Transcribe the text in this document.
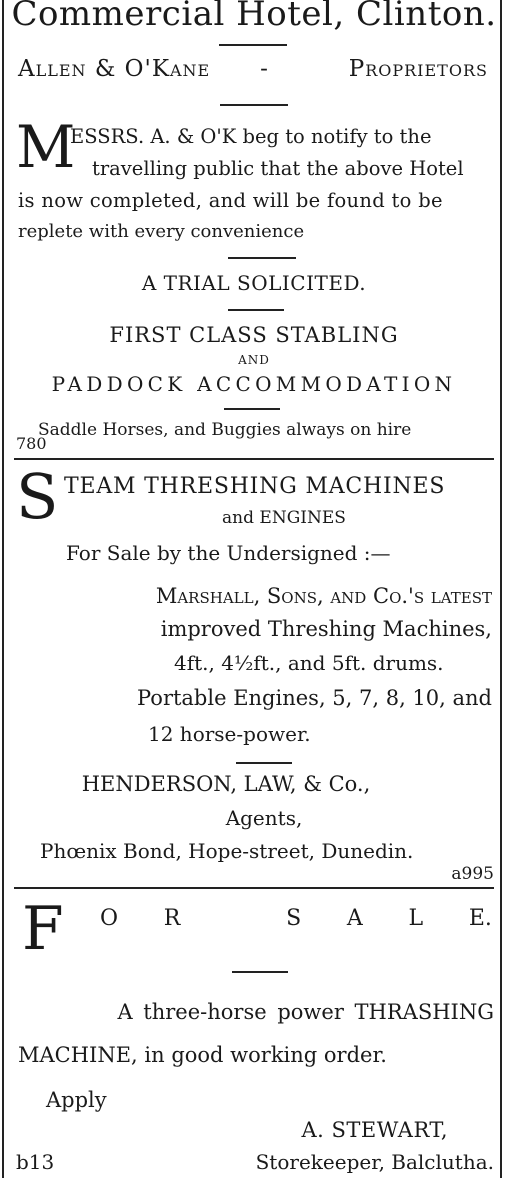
Commercial Hotel, Clinton.
Allen & O'Kane -	Proprietors
M
ESSRS. A. & O'K beg to notify to the
travelling public that the above Hotel
is now completed, and will be found to be
replete with every convenience
A TRIAL SOLICITED.
FIRST CLASS STABLING
AND
PADDOCK ACCOMMODATION
Saddle Horses, and Buggies always on hire
780
S TEAM THRESHING MACHINES
and ENGINES
For Sale by the Undersigned :—
Marshall, Sons, and Co.'s latest
improved Threshing Machines,
4ft., 4½ft., and 5ft. drums.
Portable Engines, 5, 7, 8, 10, and
12 horse-power.
HENDERSON, LAW, & Co.,
Agents,
Phœnix Bond, Hope-street, Dunedin.
a995
F O R	S A L E.
A three-horse power THRASHING
MACHINE, in good working order.
Apply
A. STEWART,
b13	Storekeeper, Balclutha.
